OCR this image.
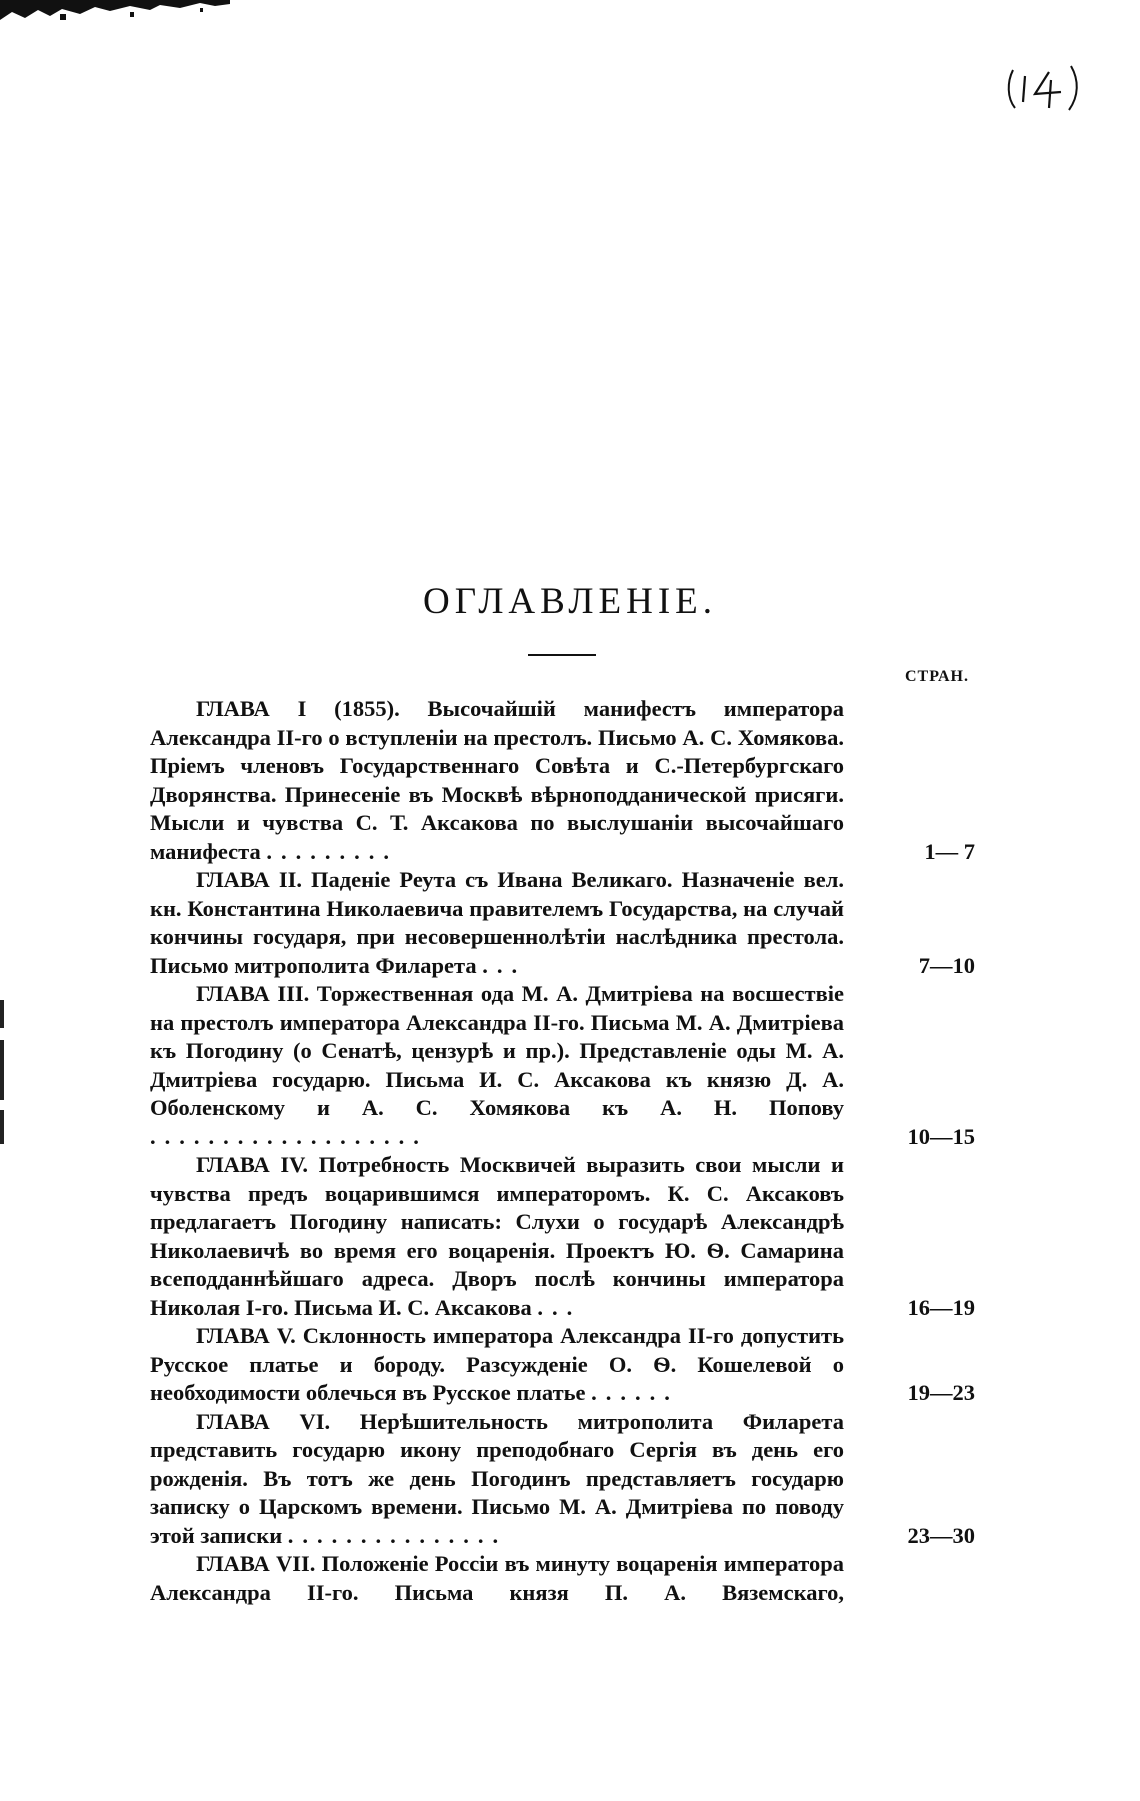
ОГЛАВЛЕНІЕ.
СТРАН.
ГЛАВА I (1855). Высочайшій манифестъ императора Александра II-го о вступленіи на престолъ. Письмо А. С. Хомякова. Пріемъ членовъ Государственнаго Совѣта и С.-Петербургскаго Дворянства. Принесеніе въ Москвѣ вѣрноподданической присяги. Мысли и чувства С. Т. Аксакова по выслушаніи высочайшаго манифеста .........	1— 7
ГЛАВА II. Паденіе Реута съ Ивана Великаго. Назначеніе вел. кн. Константина Николаевича правителемъ Государства, на случай кончины государя, при несовершеннолѣтіи наслѣдника престола. Письмо митрополита Филарета ...	7—10
ГЛАВА III. Торжественная ода М. А. Дмитріева на восшествіе на престолъ императора Александра II-го. Письма М. А. Дмитріева къ Погодину (о Сенатѣ, цензурѣ и пр.). Представленіе оды М. А. Дмитріева государю. Письма И. С. Аксакова къ князю Д. А. Оболенскому и А. С. Хомякова къ А. Н. Попову ...................	10—15
ГЛАВА IV. Потребность Москвичей выразить свои мысли и чувства предъ воцарившимся императоромъ. К. С. Аксаковъ предлагаетъ Погодину написать: Слухи о государѣ Александрѣ Николаевичѣ во время его воцаренія. Проектъ Ю. Ѳ. Самарина всеподданнѣйшаго адреса. Дворъ послѣ кончины императора Николая I-го. Письма И. С. Аксакова ...	16—19
ГЛАВА V. Склонность императора Александра II-го допустить Русское платье и бороду. Разсужденіе О. Ѳ. Кошелевой о необходимости облечься въ Русское платье ......	19—23
ГЛАВА VI. Нерѣшительность митрополита Филарета представить государю икону преподобнаго Сергія въ день его рожденія. Въ тотъ же день Погодинъ представляетъ государю записку о Царскомъ времени. Письмо М. А. Дмитріева по поводу этой записки ...............	23—30
ГЛАВА VII. Положеніе Россіи въ минуту воцаренія императора Александра II-го. Письма князя П. А. Вяземскаго,
